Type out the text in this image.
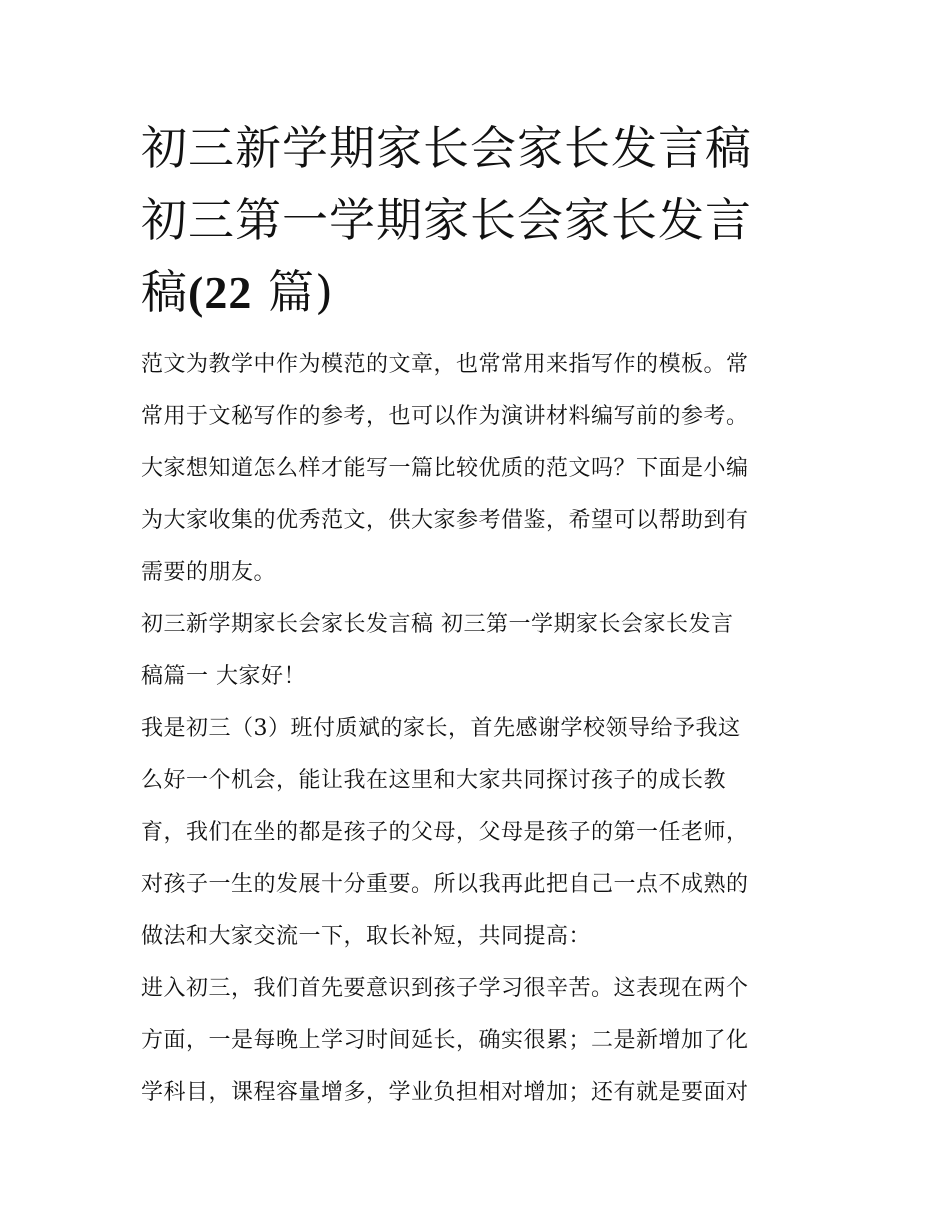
初三新学期家长会家长发言稿
初三第一学期家长会家长发言
稿(22 篇)

范文为教学中作为模范的文章，也常常用来指写作的模板。常
常用于文秘写作的参考，也可以作为演讲材料编写前的参考。
大家想知道怎么样才能写一篇比较优质的范文吗？下面是小编
为大家收集的优秀范文，供大家参考借鉴，希望可以帮助到有
需要的朋友。

初三新学期家长会家长发言稿 初三第一学期家长会家长发言
稿篇一 大家好！

我是初三（3）班付质斌的家长，首先感谢学校领导给予我这
么好一个机会，能让我在这里和大家共同探讨孩子的成长教
育，我们在坐的都是孩子的父母，父母是孩子的第一任老师，
对孩子一生的发展十分重要。所以我再此把自己一点不成熟的
做法和大家交流一下，取长补短，共同提高：

进入初三，我们首先要意识到孩子学习很辛苦。这表现在两个
方面，一是每晚上学习时间延长，确实很累；二是新增加了化
学科目，课程容量增多，学业负担相对增加；还有就是要面对
